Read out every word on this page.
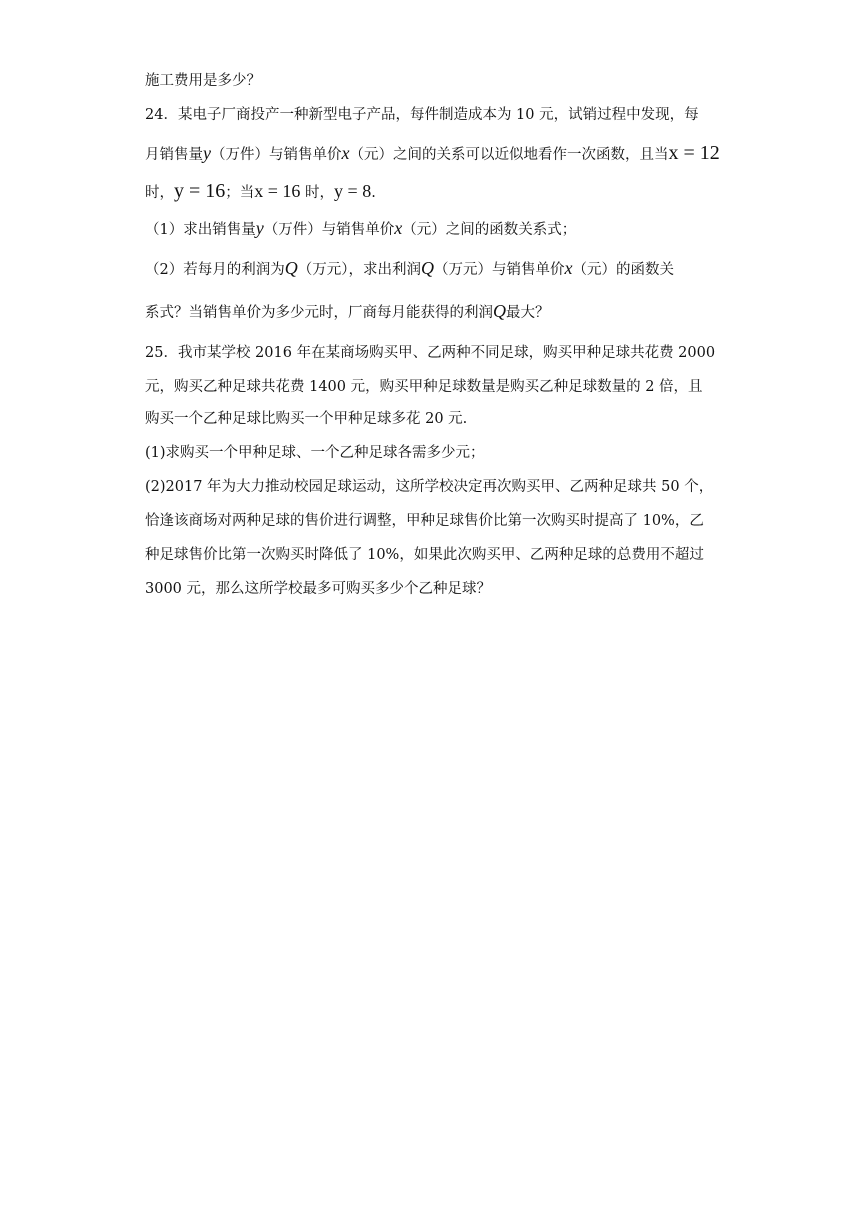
施工费用是多少？
24．某电子厂商投产一种新型电子产品，每件制造成本为 10 元，试销过程中发现，每
月销售量y（万件）与销售单价x（元）之间的关系可以近似地看作一次函数，且当x = 12
时，y = 16；当x = 16 时，y = 8.
（1）求出销售量y（万件）与销售单价x（元）之间的函数关系式；
（2）若每月的利润为Q（万元），求出利润Q（万元）与销售单价x（元）的函数关
系式？当销售单价为多少元时，厂商每月能获得的利润Q最大？
25．我市某学校 2016 年在某商场购买甲、乙两种不同足球，购买甲种足球共花费 2000
元，购买乙种足球共花费 1400 元，购买甲种足球数量是购买乙种足球数量的 2 倍，且
购买一个乙种足球比购买一个甲种足球多花 20 元.
(1)求购买一个甲种足球、一个乙种足球各需多少元；
(2)2017 年为大力推动校园足球运动，这所学校决定再次购买甲、乙两种足球共 50 个，
恰逢该商场对两种足球的售价进行调整，甲种足球售价比第一次购买时提高了 10%，乙
种足球售价比第一次购买时降低了 10%，如果此次购买甲、乙两种足球的总费用不超过
3000 元，那么这所学校最多可购买多少个乙种足球？
